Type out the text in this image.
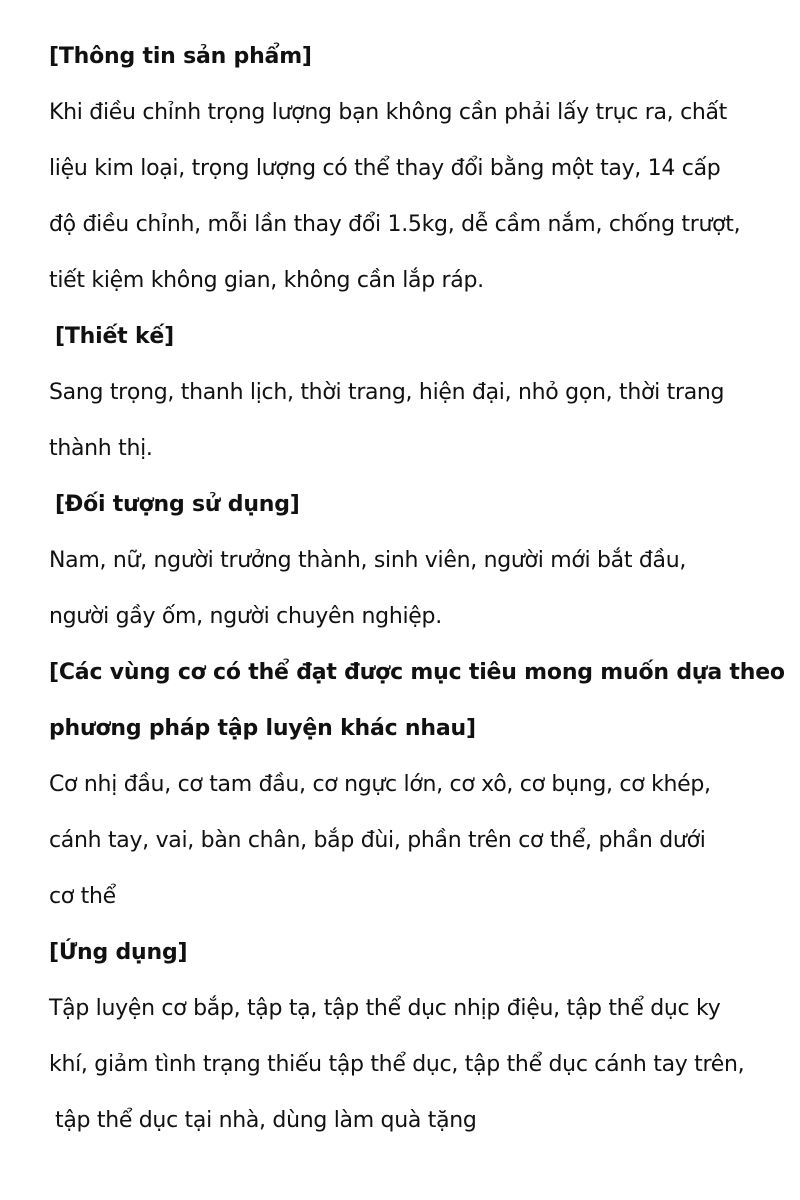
[Thông tin sản phẩm]
Khi điều chỉnh trọng lượng bạn không cần phải lấy trục ra, chất
liệu kim loại, trọng lượng có thể thay đổi bằng một tay, 14 cấp
độ điều chỉnh, mỗi lần thay đổi 1.5kg, dễ cầm nắm, chống trượt,
tiết kiệm không gian, không cần lắp ráp.
[Thiết kế]
Sang trọng, thanh lịch, thời trang, hiện đại, nhỏ gọn, thời trang
thành thị.
[Đối tượng sử dụng]
Nam, nữ, người trưởng thành, sinh viên, người mới bắt đầu,
người gầy ốm, người chuyên nghiệp.
[Các vùng cơ có thể đạt được mục tiêu mong muốn dựa theo
phương pháp tập luyện khác nhau]
Cơ nhị đầu, cơ tam đầu, cơ ngực lớn, cơ xô, cơ bụng, cơ khép,
cánh tay, vai, bàn chân, bắp đùi, phần trên cơ thể, phần dưới
cơ thể
[Ứng dụng]
Tập luyện cơ bắp, tập tạ, tập thể dục nhịp điệu, tập thể dục ky
khí, giảm tình trạng thiếu tập thể dục, tập thể dục cánh tay trên,
tập thể dục tại nhà, dùng làm quà tặng
